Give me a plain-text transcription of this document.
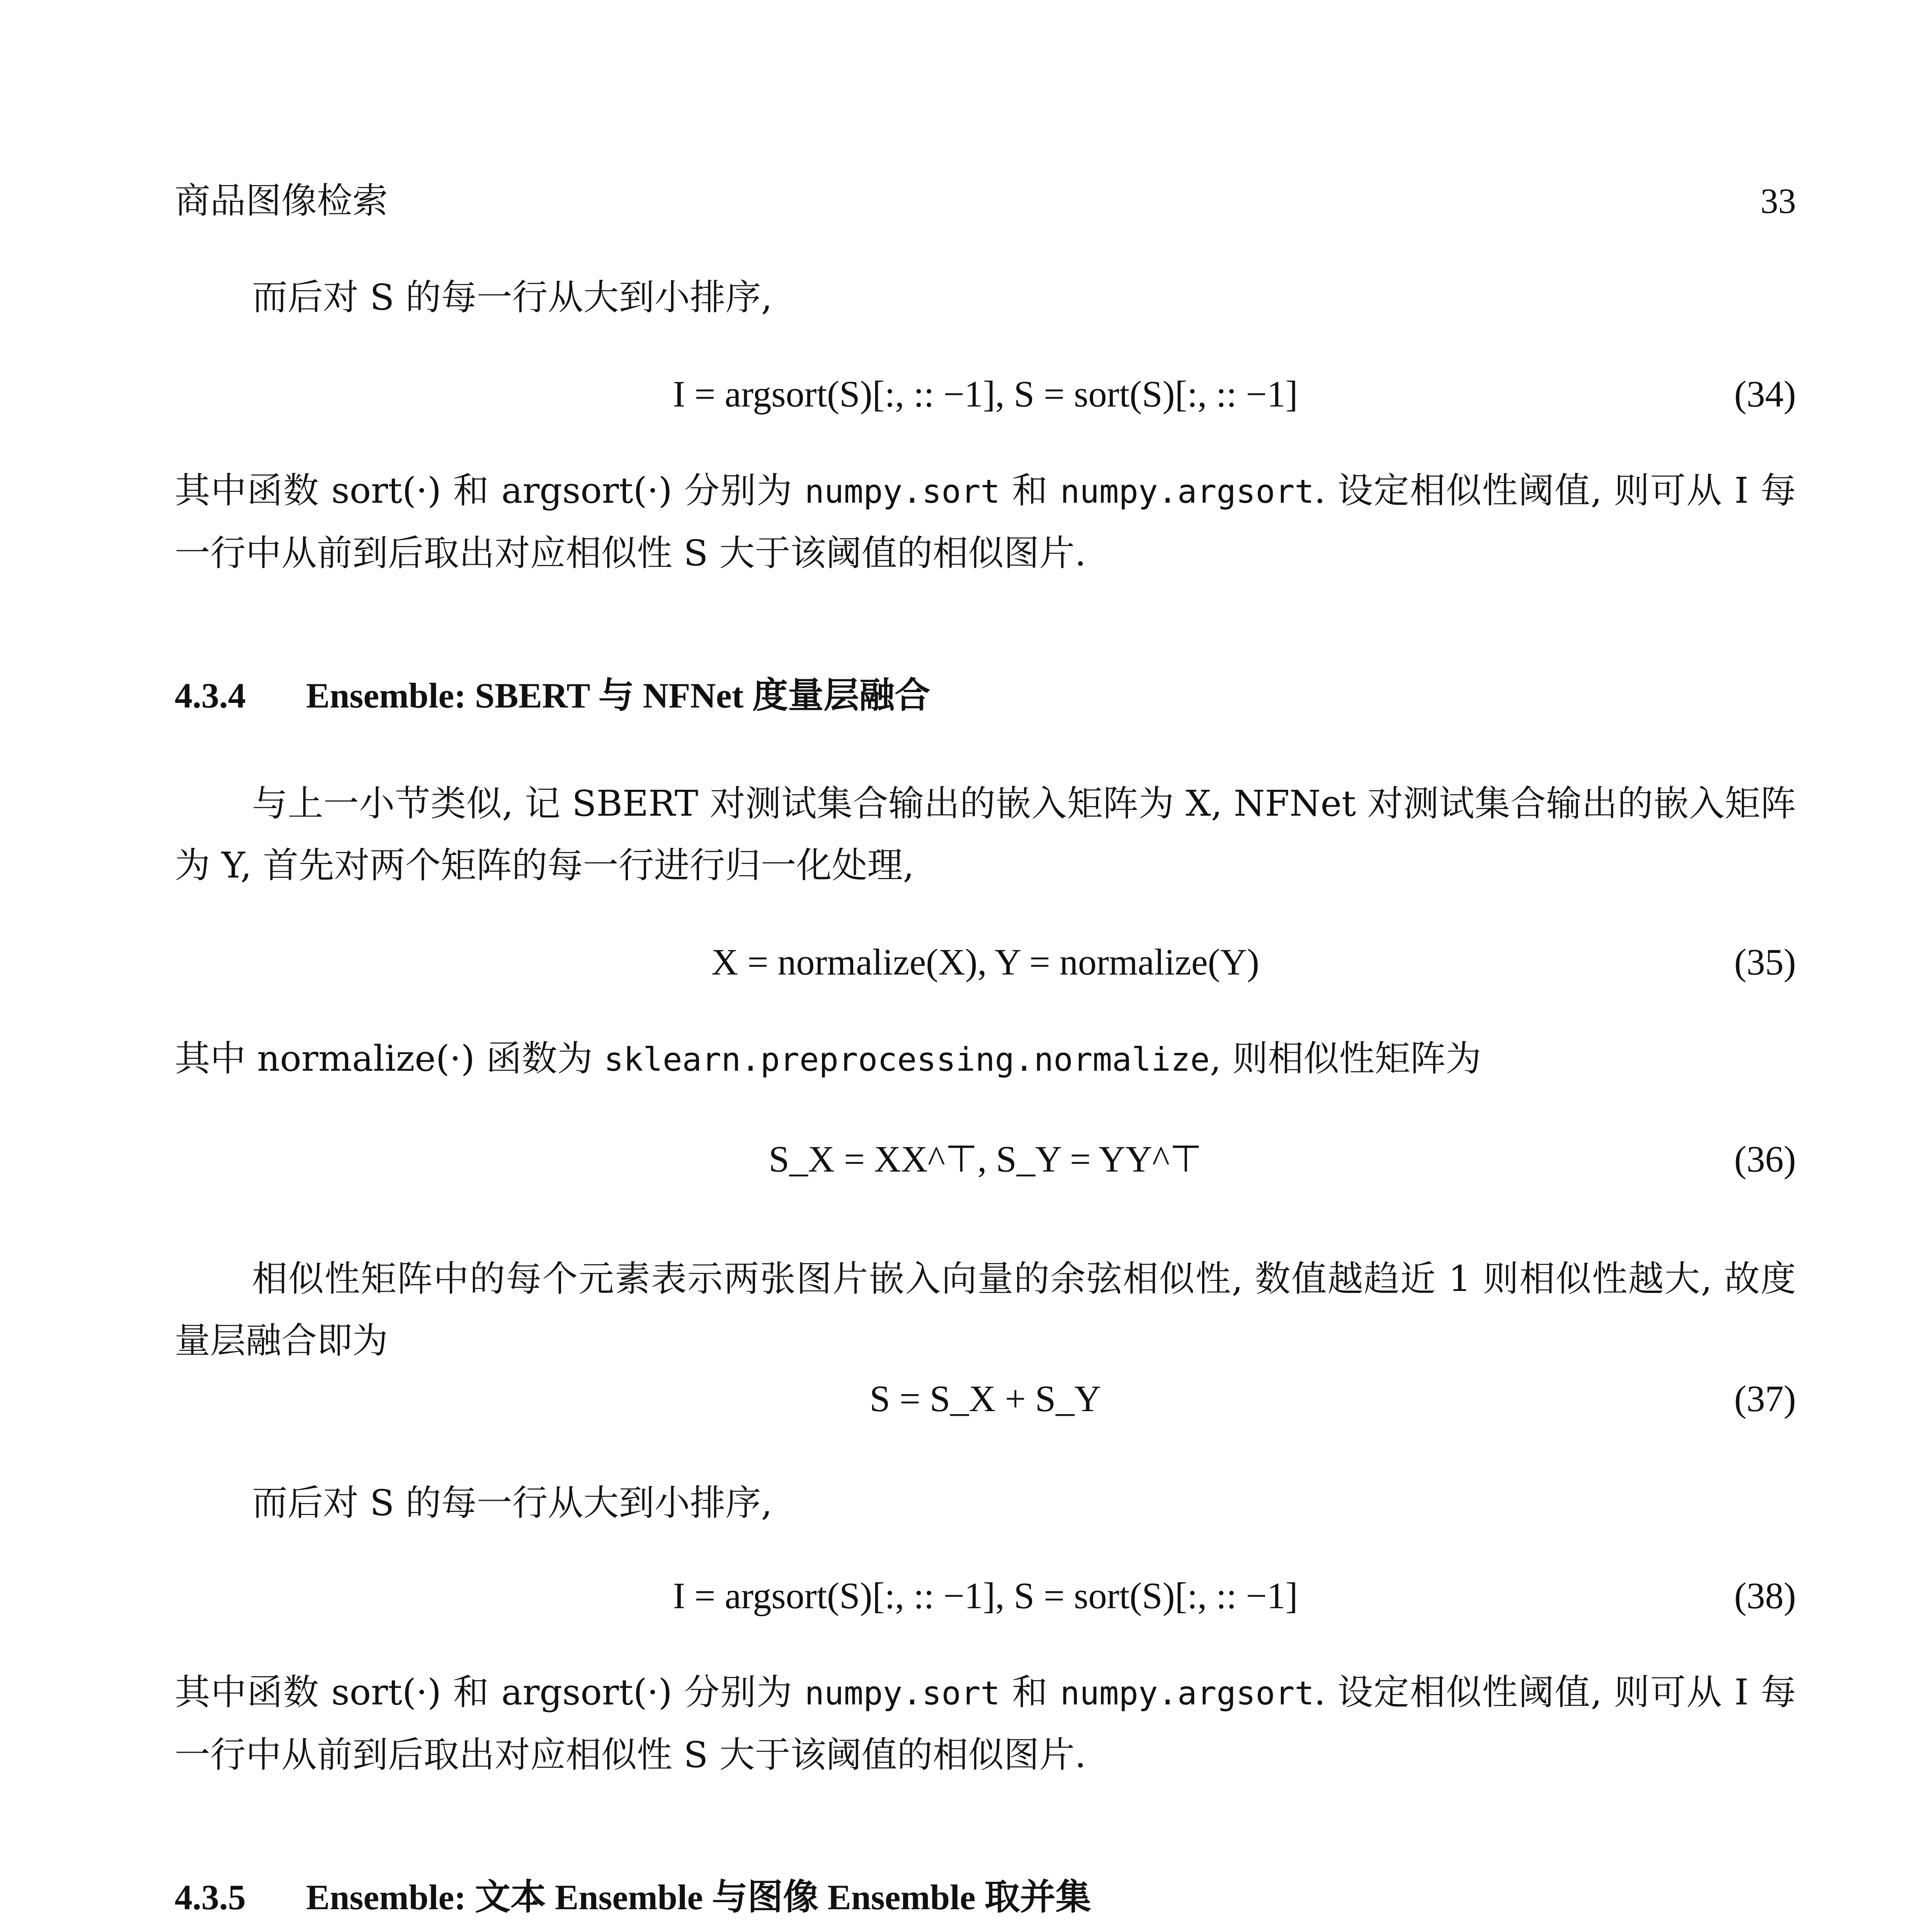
商品图像检索	33
而后对 S 的每一行从大到小排序,
I = argsort(S)[:, :: −1], S = sort(S)[:, :: −1]	(34)
其中函数 sort(·) 和 argsort(·) 分别为 numpy.sort 和 numpy.argsort. 设定相似性阈值, 则可从 I 每一行中从前到后取出对应相似性 S 大于该阈值的相似图片.
4.3.4 Ensemble: SBERT 与 NFNet 度量层融合
与上一小节类似, 记 SBERT 对测试集合输出的嵌入矩阵为 X, NFNet 对测试集合输出的嵌入矩阵为 Y, 首先对两个矩阵的每一行进行归一化处理,
X = normalize(X), Y = normalize(Y)	(35)
其中 normalize(·) 函数为 sklearn.preprocessing.normalize, 则相似性矩阵为
S_X = XX^⊤, S_Y = YY^⊤	(36)
相似性矩阵中的每个元素表示两张图片嵌入向量的余弦相似性, 数值越趋近 1 则相似性越大, 故度量层融合即为
S = S_X + S_Y	(37)
而后对 S 的每一行从大到小排序,
I = argsort(S)[:, :: −1], S = sort(S)[:, :: −1]	(38)
其中函数 sort(·) 和 argsort(·) 分别为 numpy.sort 和 numpy.argsort. 设定相似性阈值, 则可从 I 每一行中从前到后取出对应相似性 S 大于该阈值的相似图片.
4.3.5 Ensemble: 文本 Ensemble 与图像 Ensemble 取并集
